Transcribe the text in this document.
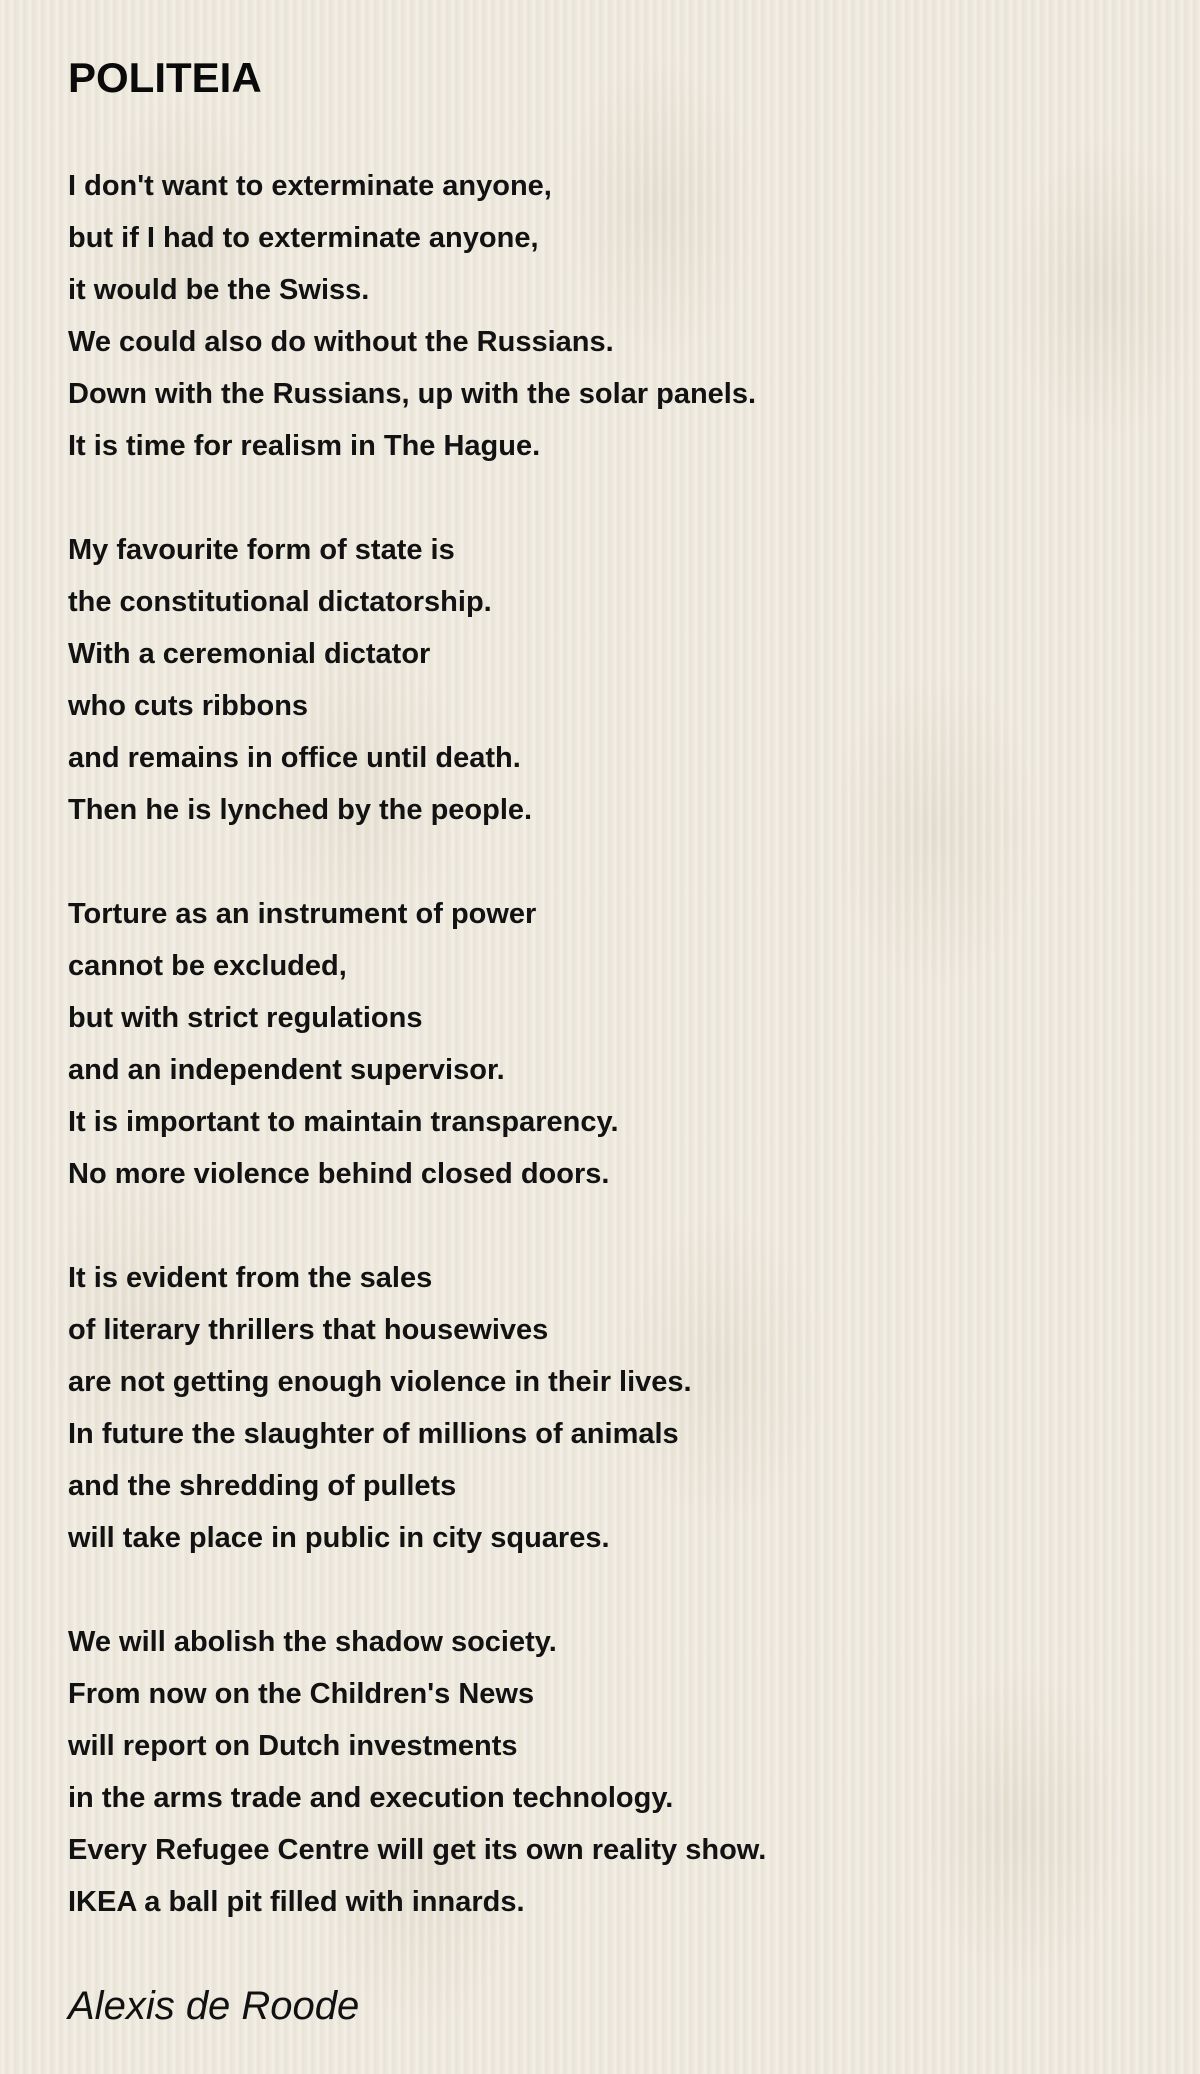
POLITEIA
I don't want to exterminate anyone,
but if I had to exterminate anyone,
it would be the Swiss.
We could also do without the Russians.
Down with the Russians, up with the solar panels.
It is time for realism in The Hague.
My favourite form of state is
the constitutional dictatorship.
With a ceremonial dictator
who cuts ribbons
and remains in office until death.
Then he is lynched by the people.
Torture as an instrument of power
cannot be excluded,
but with strict regulations
and an independent supervisor.
It is important to maintain transparency.
No more violence behind closed doors.
It is evident from the sales
of literary thrillers that housewives
are not getting enough violence in their lives.
In future the slaughter of millions of animals
and the shredding of pullets
will take place in public in city squares.
We will abolish the shadow society.
From now on the Children's News
will report on Dutch investments
in the arms trade and execution technology.
Every Refugee Centre will get its own reality show.
IKEA a ball pit filled with innards.
Alexis de Roode
